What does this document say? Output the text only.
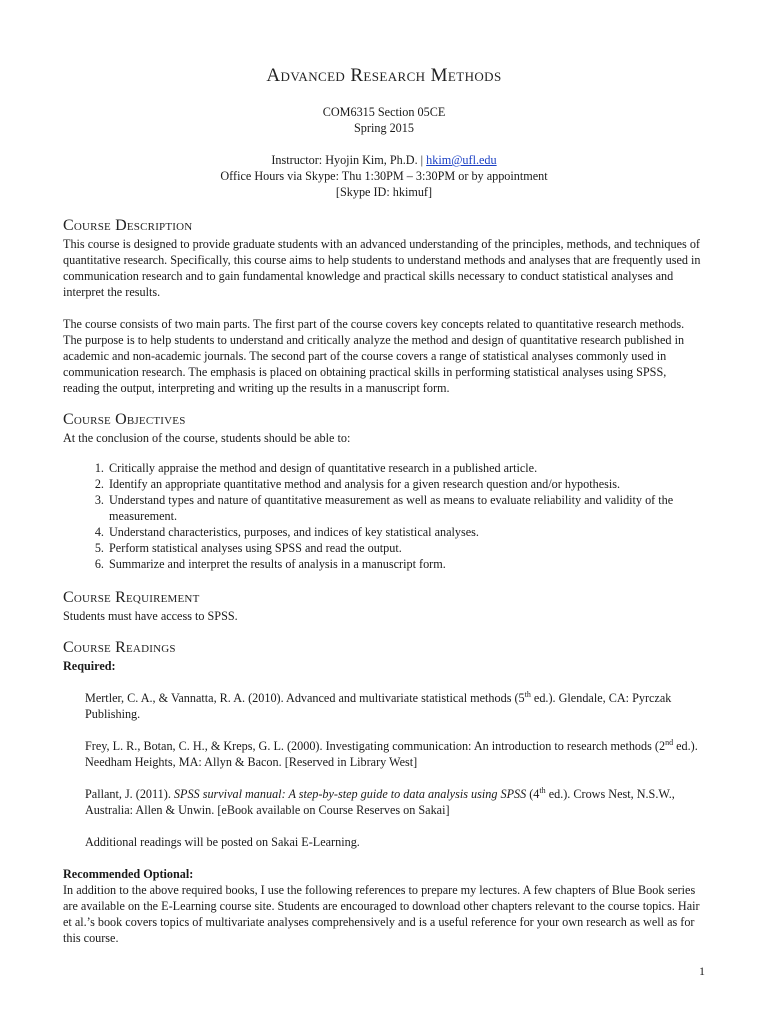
Advanced Research Methods
COM6315 Section 05CE
Spring 2015
Instructor: Hyojin Kim, Ph.D. | hkim@ufl.edu
Office Hours via Skype: Thu 1:30PM – 3:30PM or by appointment
[Skype ID: hkimuf]
Course Description

This course is designed to provide graduate students with an advanced understanding of the principles, methods, and techniques of quantitative research. Specifically, this course aims to help students to understand methods and analyses that are frequently used in communication research and to gain fundamental knowledge and practical skills necessary to conduct statistical analyses and interpret the results.

The course consists of two main parts. The first part of the course covers key concepts related to quantitative research methods. The purpose is to help students to understand and critically analyze the method and design of quantitative research published in academic and non-academic journals. The second part of the course covers a range of statistical analyses commonly used in communication research. The emphasis is placed on obtaining practical skills in performing statistical analyses using SPSS, reading the output, interpreting and writing up the results in a manuscript form.

Course Objectives

At the conclusion of the course, students should be able to:

1. Critically appraise the method and design of quantitative research in a published article.
2. Identify an appropriate quantitative method and analysis for a given research question and/or hypothesis.
3. Understand types and nature of quantitative measurement as well as means to evaluate reliability and validity of the measurement.
4. Understand characteristics, purposes, and indices of key statistical analyses.
5. Perform statistical analyses using SPSS and read the output.
6. Summarize and interpret the results of analysis in a manuscript form.
Course Requirement

Students must have access to SPSS.

Course Readings

Required:

Mertler, C. A., & Vannatta, R. A. (2010). Advanced and multivariate statistical methods (5th ed.). Glendale, CA: Pyrczak Publishing.

Frey, L. R., Botan, C. H., & Kreps, G. L. (2000). Investigating communication: An introduction to research methods (2nd ed.). Needham Heights, MA: Allyn & Bacon. [Reserved in Library West]

Pallant, J. (2011). SPSS survival manual: A step-by-step guide to data analysis using SPSS (4th ed.). Crows Nest, N.S.W., Australia: Allen & Unwin. [eBook available on Course Reserves on Sakai]

Additional readings will be posted on Sakai E-Learning.

Recommended Optional:

In addition to the above required books, I use the following references to prepare my lectures. A few chapters of Blue Book series are available on the E-Learning course site. Students are encouraged to download other chapters relevant to the course topics. Hair et al.’s book covers topics of multivariate analyses comprehensively and is a useful reference for your own research as well as for this course.

1
